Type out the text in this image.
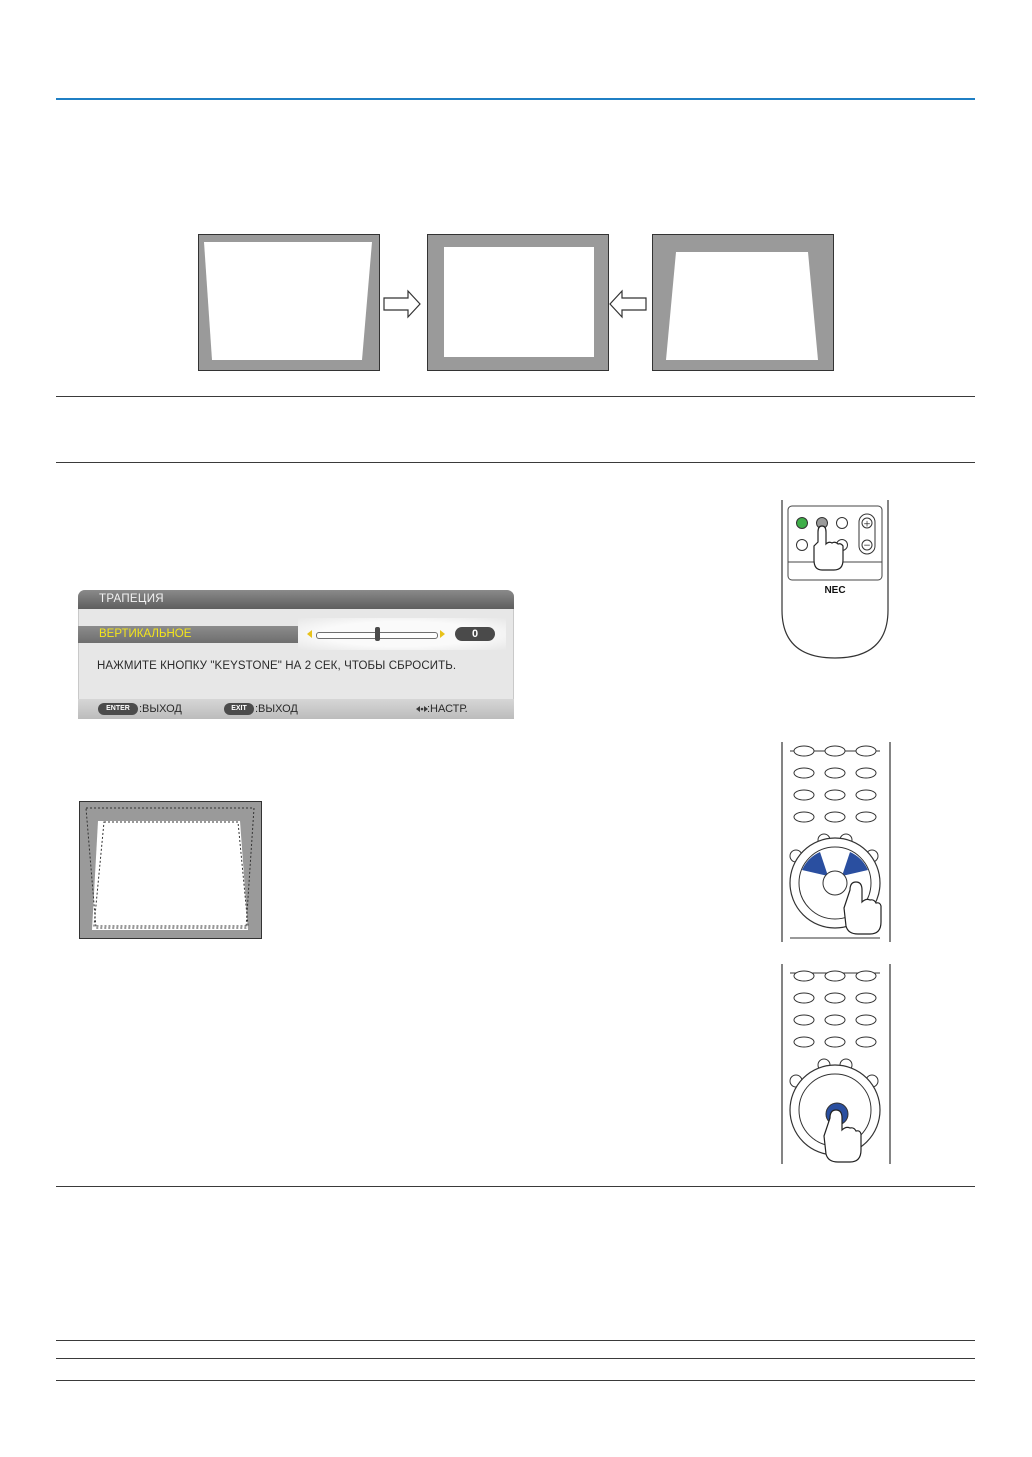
ТРАПЕЦИЯ
ВЕРТИКАЛЬНОЕ	0
НАЖМИТЕ КНОПКУ "KEYSTONE" НА 2 СЕК, ЧТОБЫ СБРОСИТЬ.
ENTER :ВЫХОД	EXIT :ВЫХОД	:НАСТР.
+
−
NEC
